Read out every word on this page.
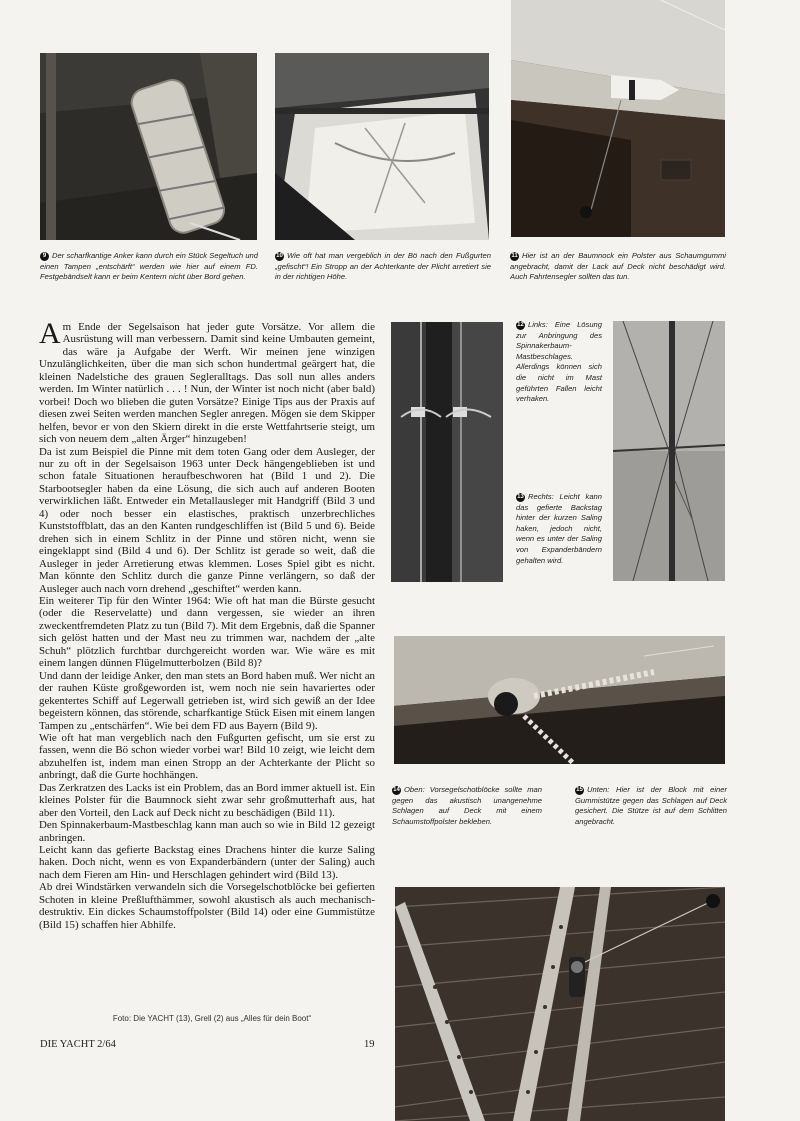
9 Der scharfkantige Anker kann durch ein Stück Segeltuch und einen Tampen „entschärft“ werden wie hier auf einem FD. Festgebändselt kann er beim Kentern nicht über Bord gehen.
10 Wie oft hat man vergeblich in der Bö nach den Fußgurten „gefischt“! Ein Stropp an der Achterkante der Plicht arretiert sie in der richtigen Höhe.
11 Hier ist an der Baumnock ein Polster aus Schaumgummi angebracht, damit der Lack auf Deck nicht beschädigt wird. Auch Fahrtensegler sollten das tun.

Am Ende der Segelsaison hat jeder gute Vorsätze. Vor allem die Ausrüstung will man verbessern. Damit sind keine Umbauten gemeint, das wäre ja Aufgabe der Werft. Wir meinen jene winzigen Unzulänglichkeiten, über die man sich schon hundertmal geärgert hat, die kleinen Nadelstiche des grauen Segleralltags. Das soll nun alles anders werden. Im Winter natürlich . . . ! Nun, der Winter ist noch nicht (aber bald) vorbei! Doch wo blieben die guten Vorsätze? Einige Tips aus der Praxis auf diesen zwei Seiten werden manchen Segler anregen. Mögen sie dem Skipper helfen, bevor er von den Skiern direkt in die erste Wettfahrtserie steigt, um sich von neuem dem „alten Ärger“ hinzugeben!

Da ist zum Beispiel die Pinne mit dem toten Gang oder dem Ausleger, der nur zu oft in der Segelsaison 1963 unter Deck hängengeblieben ist und schon fatale Situationen heraufbeschworen hat (Bild 1 und 2). Die Starbootsegler haben da eine Lösung, die sich auch auf anderen Booten verwirklichen läßt. Entweder ein Metallausleger mit Handgriff (Bild 3 und 4) oder noch besser ein elastisches, praktisch unzerbrechliches Kunststoffblatt, das an den Kanten rundgeschliffen ist (Bild 5 und 6). Beide drehen sich in einem Schlitz in der Pinne und stören nicht, wenn sie eingeklappt sind (Bild 4 und 6). Der Schlitz ist gerade so weit, daß die Ausleger in jeder Arretierung etwas klemmen. Loses Spiel gibt es nicht. Man könnte den Schlitz durch die ganze Pinne verlängern, so daß der Ausleger auch nach vorn drehend „geschiftet“ werden kann.

Ein weiterer Tip für den Winter 1964: Wie oft hat man die Bürste gesucht (oder die Reservelatte) und dann vergessen, sie wieder an ihren zweckentfremdeten Platz zu tun (Bild 7). Mit dem Ergebnis, daß die Spanner sich gelöst hatten und der Mast neu zu trimmen war, nachdem der „alte Schuh“ plötzlich furchtbar durchgereicht worden war. Wie wäre es mit einem langen dünnen Flügelmutterbolzen (Bild 8)?

Und dann der leidige Anker, den man stets an Bord haben muß. Wer nicht an der rauhen Küste großgeworden ist, wem noch nie sein havariertes oder gekentertes Schiff auf Legerwall getrieben ist, wird sich gewiß an der Idee begeistern können, das störende, scharfkantige Stück Eisen mit einem langen Tampen zu „entschärfen“. Wie bei dem FD aus Bayern (Bild 9).

Wie oft hat man vergeblich nach den Fußgurten gefischt, um sie erst zu fassen, wenn die Bö schon wieder vorbei war! Bild 10 zeigt, wie leicht dem abzuhelfen ist, indem man einen Stropp an der Achterkante der Plicht so anbringt, daß die Gurte hochhängen.

Das Zerkratzen des Lacks ist ein Problem, das an Bord immer aktuell ist. Ein kleines Polster für die Baumnock sieht zwar sehr großmutterhaft aus, hat aber den Vorteil, den Lack auf Deck nicht zu beschädigen (Bild 11).

Den Spinnakerbaum-Mastbeschlag kann man auch so wie in Bild 12 gezeigt anbringen.

Leicht kann das gefierte Backstag eines Drachens hinter die kurze Saling haken. Doch nicht, wenn es von Expanderbändern (unter der Saling) auch nach dem Fieren am Hin- und Herschlagen gehindert wird (Bild 13).

Ab drei Windstärken verwandeln sich die Vorsegelschotblöcke bei gefierten Schoten in kleine Preßlufthämmer, sowohl akustisch als auch mechanisch-destruktiv. Ein dickes Schaumstoffpolster (Bild 14) oder eine Gummistütze (Bild 15) schaffen hier Abhilfe.

Foto: Die YACHT (13), Grell (2) aus „Alles für dein Boot“
DIE YACHT 2/64	19
12 Links: Eine Lösung zur Anbringung des Spinnakerbaum-Mastbeschlages. Allerdings können sich die nicht im Mast geführten Fallen leicht verhaken.
13 Rechts: Leicht kann das gefierte Backstag hinter der kurzen Saling haken, jedoch nicht, wenn es unter der Saling von Expanderbändern gehalten wird.
14 Oben: Vorsegelschotblöcke sollte man gegen das akustisch unangenehme Schlagen auf Deck mit einem Schaumstoffpolster bekleben.
15 Unten: Hier ist der Block mit einer Gummistütze gegen das Schlagen auf Deck gesichert. Die Stütze ist auf dem Schlitten angebracht.
